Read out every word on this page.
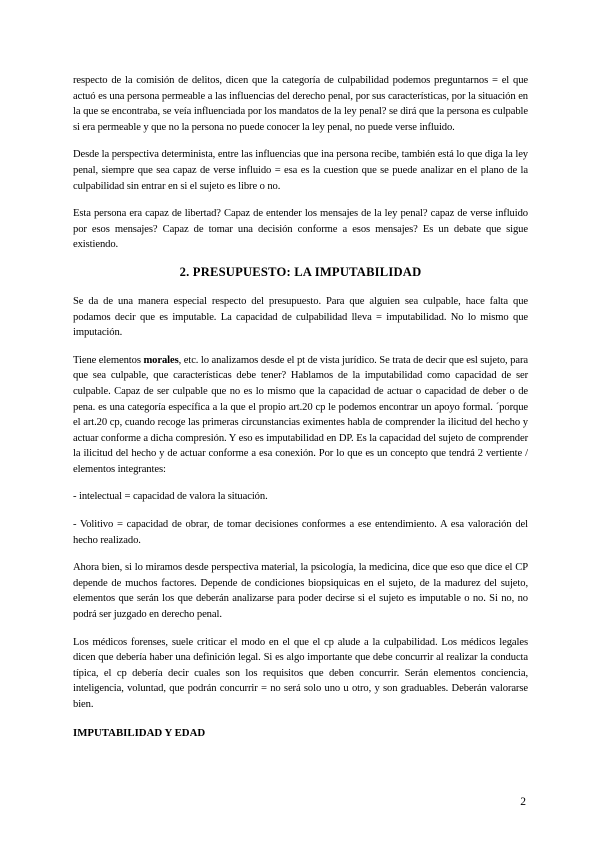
respecto de la comisión de delitos, dicen que la categoría de culpabilidad podemos preguntarnos = el que actuó es una persona permeable a las influencias del derecho penal, por sus características, por la situación en la que se encontraba, se veía influenciada por los mandatos de la ley penal? se dirá que la persona es culpable si era permeable y que no la persona no puede conocer la ley penal, no puede verse influido.

Desde la perspectiva determinista, entre las influencias que ina persona recibe, también está lo que diga la ley penal, siempre que sea capaz de verse influido = esa es la cuestion que se puede analizar en el plano de la culpabilidad sin entrar en si el sujeto es libre o no.

Esta persona era capaz de libertad? Capaz de entender los mensajes de la ley penal? capaz de verse influido por esos mensajes? Capaz de tomar una decisión conforme a esos mensajes? Es un debate que sigue existiendo.

2. PRESUPUESTO: LA IMPUTABILIDAD

Se da de una manera especial respecto del presupuesto. Para que alguien sea culpable, hace falta que podamos decir que es imputable. La capacidad de culpabilidad lleva = imputabilidad. No lo mismo que imputación.

Tiene elementos morales, etc. lo analizamos desde el pt de vista jurídico. Se trata de decir que esl sujeto, para que sea culpable, que características debe tener? Hablamos de la imputabilidad como capacidad de ser culpable. Capaz de ser culpable que no es lo mismo que la capacidad de actuar o capacidad de deber o de pena. es una categoría específica a la que el propio art.20 cp le podemos encontrar un apoyo formal. ´porque el art.20 cp, cuando recoge las primeras circunstancias eximentes habla de comprender la ilicitud del hecho y actuar conforme a dicha compresión. Y eso es imputabilidad en DP. Es la capacidad del sujeto de comprender la ilicitud del hecho y de actuar conforme a esa conexión. Por lo que es un concepto que tendrá 2 vertiente / elementos integrantes:

- intelectual = capacidad de valora la situación.

- Volitivo = capacidad de obrar, de tomar decisiones conformes a ese entendimiento. A esa valoración del hecho realizado.

Ahora bien, si lo miramos desde perspectiva material, la psicología, la medicina, dice que eso que dice el CP depende de muchos factores. Depende de condiciones biopsiquicas en el sujeto, de la madurez del sujeto, elementos que serán los que deberán analizarse para poder decirse si el sujeto es imputable o no. Si no, no podrá ser juzgado en derecho penal.

Los médicos forenses, suele criticar el modo en el que el cp alude a la culpabilidad. Los médicos legales dicen que debería haber una definición legal. Si es algo importante que debe concurrir al realizar la conducta típica, el cp debería decir cuales son los requisitos que deben concurrir. Serán elementos conciencia, inteligencia, voluntad, que podrán concurrir = no será solo uno u otro, y son graduables. Deberán valorarse bien.

IMPUTABILIDAD Y EDAD
2
